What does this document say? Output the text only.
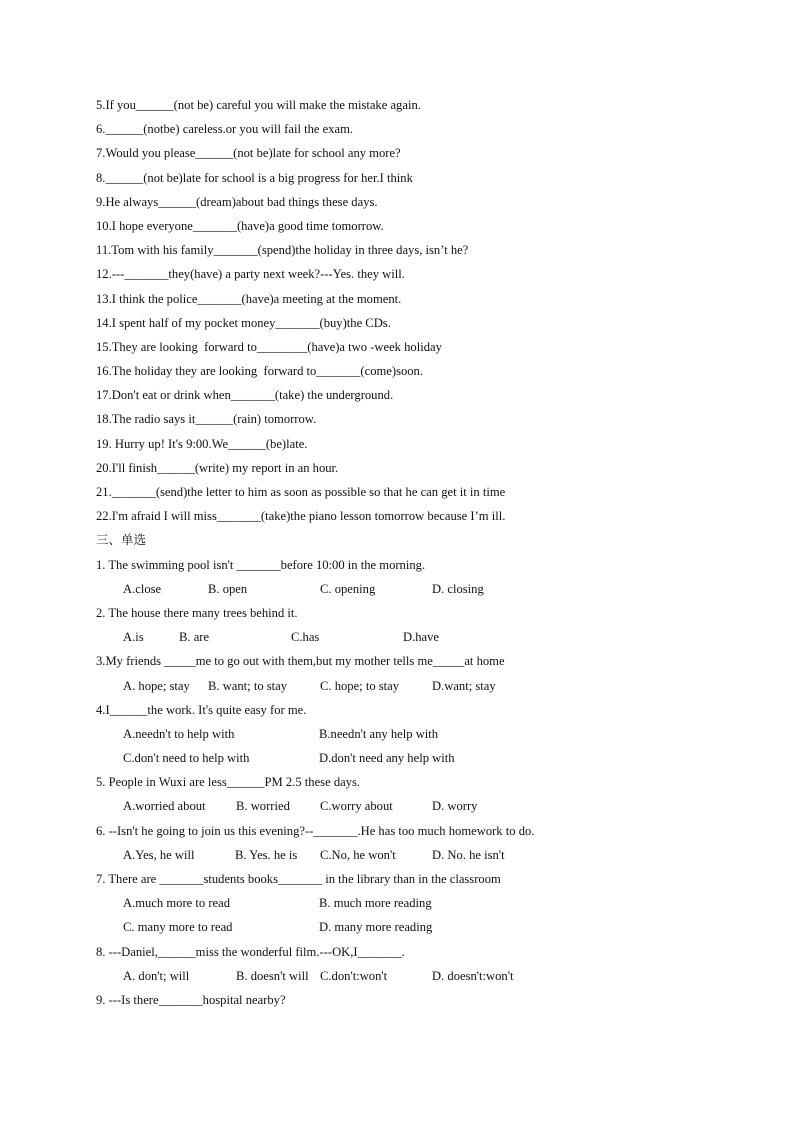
5.If you______(not be) careful you will make the mistake again.
6.______(notbe) careless.or you will fail the exam.
7.Would you please______(not be)late for school any more?
8.______(not be)late for school is a big progress for her.I think
9.He always______(dream)about bad things these days.
10.I hope everyone_______(have)a good time tomorrow.
11.Tom with his family_______(spend)the holiday in three days, isn’t he?
12.---_______they(have) a party next week?---Yes. they will.
13.I think the police_______(have)a meeting at the moment.
14.I spent half of my pocket money_______(buy)the CDs.
15.They are looking  forward to________(have)a two -week holiday
16.The holiday they are looking  forward to_______(come)soon.
17.Don't eat or drink when_______(take) the underground.
18.The radio says it______(rain) tomorrow.
19. Hurry up! It's 9:00.We______(be)late.
20.I'll finish______(write) my report in an hour.
21._______(send)the letter to him as soon as possible so that he can get it in time
22.I'm afraid I will miss_______(take)the piano lesson tomorrow because I’m ill.
三、单选
1. The swimming pool isn't _______before 10:00 in the morning.
A.close	B. open	C. opening	D. closing
2. The house there many trees behind it.
A.is	B. are	C.has	D.have
3.My friends _____me to go out with them,but my mother tells me_____at home
A. hope; stay	B. want; to stay	C. hope; to stay	D.want; stay
4.I______the work. It's quite easy for me.
A.needn't to help with	B.needn't any help with
C.don't need to help with	D.don't need any help with
5. People in Wuxi are less______PM 2.5 these days.
A.worried about	B. worried	C.worry about	D. worry
6. --Isn't he going to join us this evening?--_______.He has too much homework to do.
A.Yes, he will	B. Yes. he is	C.No, he won't	D. No. he isn't
7. There are _______students books_______ in the library than in the classroom
A.much more to read	B. much more reading
C. many more to read	D. many more reading
8. ---Daniel,______miss the wonderful film.---OK,I_______.
A. don't; will	B. doesn't will C.don't:won't	D. doesn't:won't
9. ---Is there_______hospital nearby?
